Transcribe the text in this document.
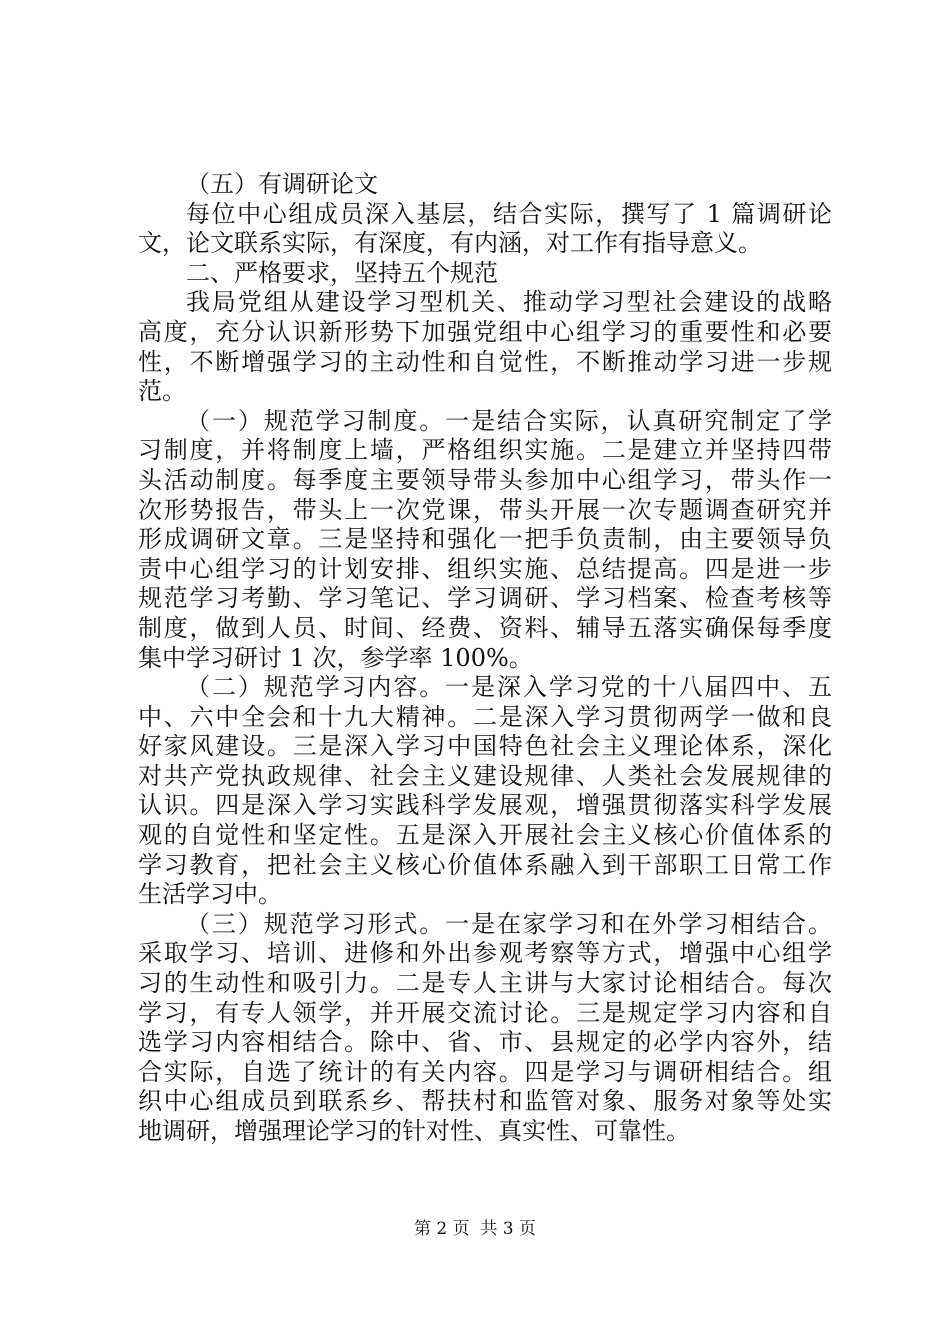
（五）有调研论文
每位中心组成员深入基层，结合实际，撰写了 1 篇调研论
文，论文联系实际，有深度，有内涵，对工作有指导意义。
二、严格要求，坚持五个规范
我局党组从建设学习型机关、推动学习型社会建设的战略
高度，充分认识新形势下加强党组中心组学习的重要性和必要
性，不断增强学习的主动性和自觉性，不断推动学习进一步规
范。
（一）规范学习制度。一是结合实际，认真研究制定了学
习制度，并将制度上墙，严格组织实施。二是建立并坚持四带
头活动制度。每季度主要领导带头参加中心组学习，带头作一
次形势报告，带头上一次党课，带头开展一次专题调查研究并
形成调研文章。三是坚持和强化一把手负责制，由主要领导负
责中心组学习的计划安排、组织实施、总结提高。四是进一步
规范学习考勤、学习笔记、学习调研、学习档案、检查考核等
制度，做到人员、时间、经费、资料、辅导五落实确保每季度
集中学习研讨 1 次，参学率 100%。
（二）规范学习内容。一是深入学习党的十八届四中、五
中、六中全会和十九大精神。二是深入学习贯彻两学一做和良
好家风建设。三是深入学习中国特色社会主义理论体系，深化
对共产党执政规律、社会主义建设规律、人类社会发展规律的
认识。四是深入学习实践科学发展观，增强贯彻落实科学发展
观的自觉性和坚定性。五是深入开展社会主义核心价值体系的
学习教育，把社会主义核心价值体系融入到干部职工日常工作
生活学习中。
（三）规范学习形式。一是在家学习和在外学习相结合。
采取学习、培训、进修和外出参观考察等方式，增强中心组学
习的生动性和吸引力。二是专人主讲与大家讨论相结合。每次
学习，有专人领学，并开展交流讨论。三是规定学习内容和自
选学习内容相结合。除中、省、市、县规定的必学内容外，结
合实际，自选了统计的有关内容。四是学习与调研相结合。组
织中心组成员到联系乡、帮扶村和监管对象、服务对象等处实
地调研，增强理论学习的针对性、真实性、可靠性。
第 2 页 共 3 页
